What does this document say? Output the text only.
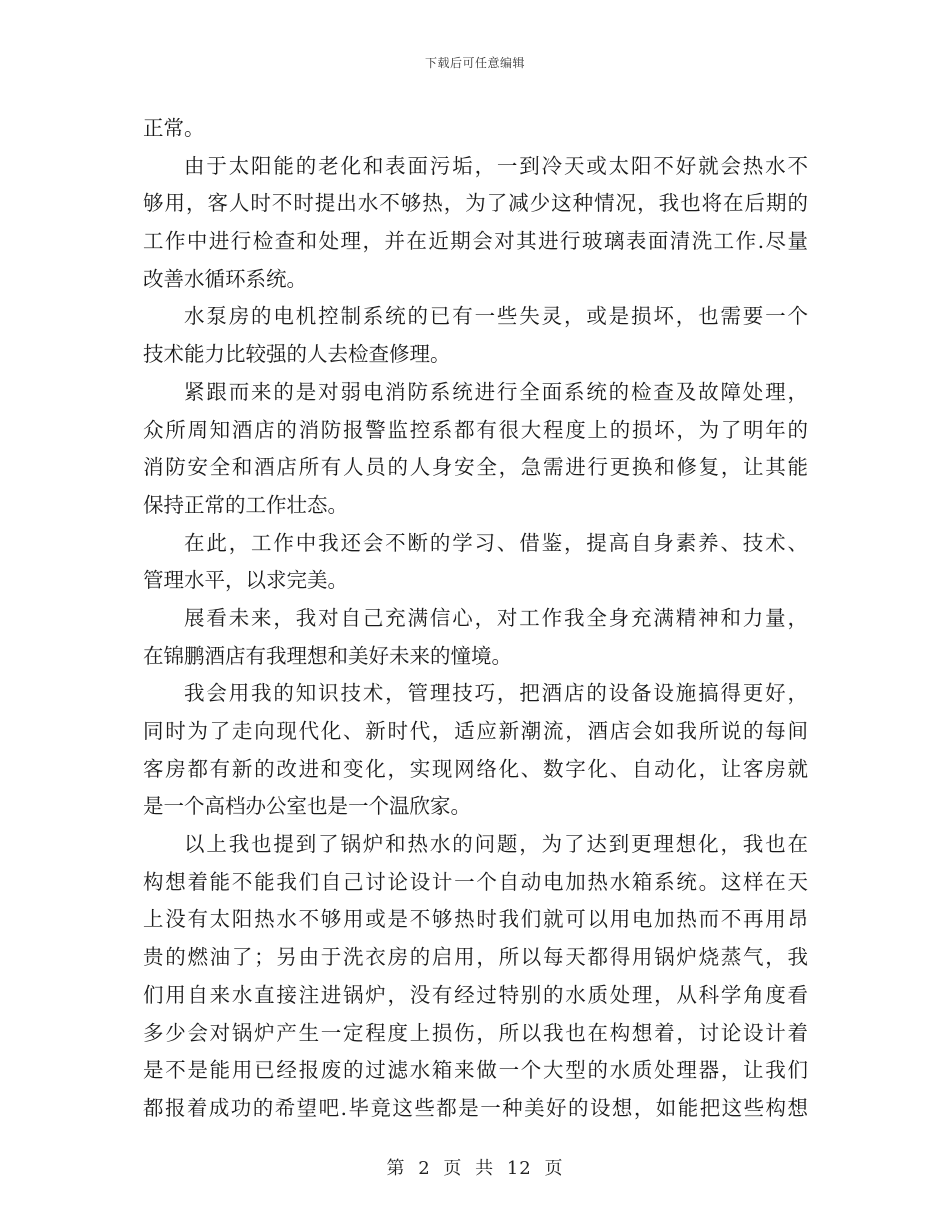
下载后可任意编辑
正常。
由于太阳能的老化和表面污垢，一到冷天或太阳不好就会热水不
够用，客人时不时提出水不够热，为了减少这种情况，我也将在后期的
工作中进行检查和处理，并在近期会对其进行玻璃表面清洗工作.尽量
改善水循环系统。
水泵房的电机控制系统的已有一些失灵，或是损坏，也需要一个
技术能力比较强的人去检查修理。
紧跟而来的是对弱电消防系统进行全面系统的检查及故障处理，
众所周知酒店的消防报警监控系都有很大程度上的损坏，为了明年的
消防安全和酒店所有人员的人身安全，急需进行更换和修复，让其能
保持正常的工作壮态。
在此，工作中我还会不断的学习、借鉴，提高自身素养、技术、
管理水平，以求完美。
展看未来，我对自己充满信心，对工作我全身充满精神和力量，
在锦鹏酒店有我理想和美好未来的憧境。
我会用我的知识技术，管理技巧，把酒店的设备设施搞得更好，
同时为了走向现代化、新时代，适应新潮流，酒店会如我所说的每间
客房都有新的改进和变化，实现网络化、数字化、自动化，让客房就
是一个高档办公室也是一个温欣家。
以上我也提到了锅炉和热水的问题，为了达到更理想化，我也在
构想着能不能我们自己讨论设计一个自动电加热水箱系统。这样在天
上没有太阳热水不够用或是不够热时我们就可以用电加热而不再用昂
贵的燃油了；另由于洗衣房的启用，所以每天都得用锅炉烧蒸气，我
们用自来水直接注进锅炉，没有经过特别的水质处理，从科学角度看
多少会对锅炉产生一定程度上损伤，所以我也在构想着，讨论设计着
是不是能用已经报废的过滤水箱来做一个大型的水质处理器，让我们
都报着成功的希望吧.毕竟这些都是一种美好的设想，如能把这些构想
第 2 页 共 12 页
